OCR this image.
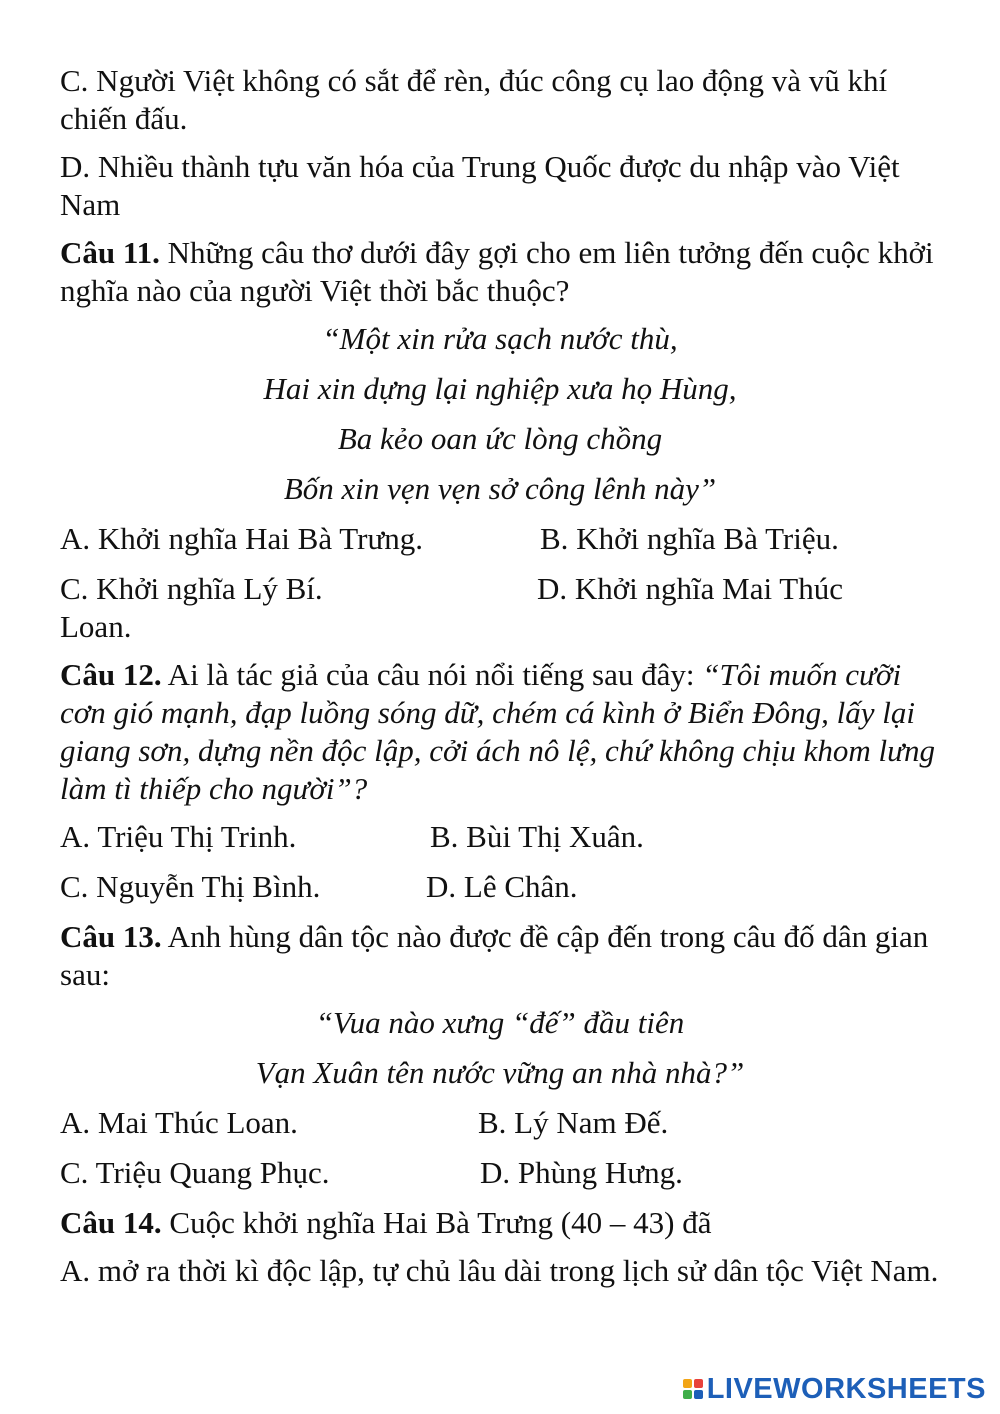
C. Người Việt không có sắt để rèn, đúc công cụ lao động và vũ khí chiến đấu.

D. Nhiều thành tựu văn hóa của Trung Quốc được du nhập vào Việt Nam

Câu 11. Những câu thơ dưới đây gợi cho em liên tưởng đến cuộc khởi nghĩa nào của người Việt thời bắc thuộc?

“Một xin rửa sạch nước thù,

Hai xin dựng lại nghiệp xưa họ Hùng,

Ba kẻo oan ức lòng chồng

Bốn xin vẹn vẹn sở công lênh này”

A. Khởi nghĩa Hai Bà Trưng.	B. Khởi nghĩa Bà Triệu.
C. Khởi nghĩa Lý Bí.	D. Khởi nghĩa Mai Thúc

Loan.

Câu 12. Ai là tác giả của câu nói nổi tiếng sau đây: “Tôi muốn cưỡi cơn gió mạnh, đạp luồng sóng dữ, chém cá kình ở Biển Đông, lấy lại giang sơn, dựng nền độc lập, cởi ách nô lệ, chứ không chịu khom lưng làm tì thiếp cho người”?

A. Triệu Thị Trinh.	B. Bùi Thị Xuân.
C. Nguyễn Thị Bình.	D. Lê Chân.

Câu 13. Anh hùng dân tộc nào được đề cập đến trong câu đố dân gian sau:

“Vua nào xưng “đế” đầu tiên

Vạn Xuân tên nước vững an nhà nhà?”

A. Mai Thúc Loan.	B. Lý Nam Đế.
C. Triệu Quang Phục.	D. Phùng Hưng.

Câu 14. Cuộc khởi nghĩa Hai Bà Trưng (40 – 43) đã

A. mở ra thời kì độc lập, tự chủ lâu dài trong lịch sử dân tộc Việt Nam.

LIVEWORKSHEETS
